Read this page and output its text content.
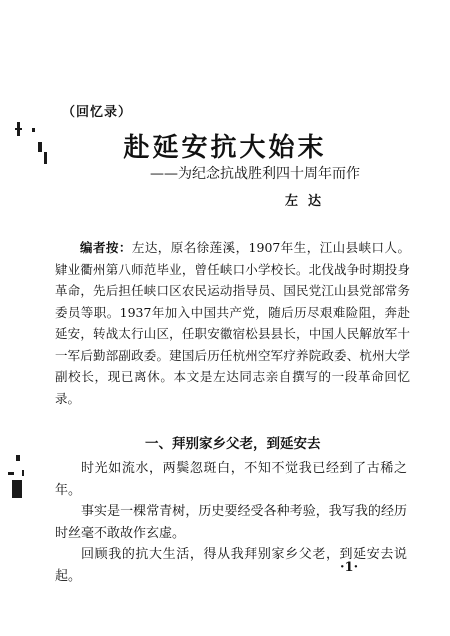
（回忆录）
赴延安抗大始末
——为纪念抗战胜利四十周年而作
左达
编者按：左达，原名徐莲溪，1907年生，江山县峡口人。肄业衢州第八师范毕业，曾任峡口小学校长。北伐战争时期投身革命，先后担任峡口区农民运动指导员、国民党江山县党部常务委员等职。1937年加入中国共产党，随后历尽艰难险阻，奔赴延安，转战太行山区，任职安徽宿松县县长，中国人民解放军十一军后勤部副政委。建国后历任杭州空军疗养院政委、杭州大学副校长，现已离休。本文是左达同志亲自撰写的一段革命回忆录。
一、拜别家乡父老，到延安去

时光如流水，两鬓忽斑白，不知不觉我已经到了古稀之年。

事实是一棵常青树，历史要经受各种考验，我写我的经历时丝毫不敢故作玄虚。

回顾我的抗大生活，得从我拜别家乡父老，到延安去说起。

·1·
